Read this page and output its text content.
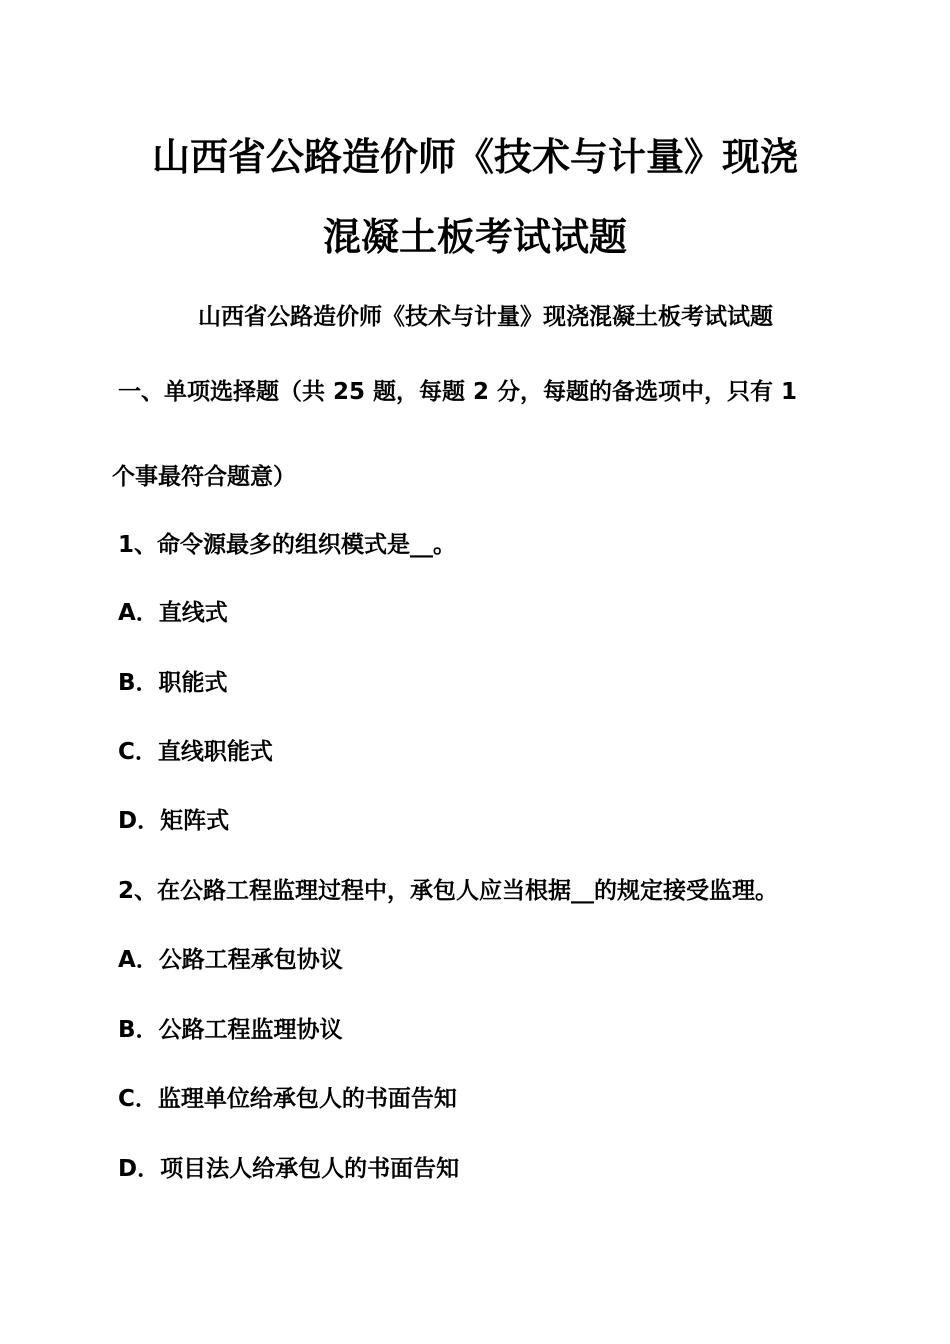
山西省公路造价师《技术与计量》现浇
混凝土板考试试题
山西省公路造价师《技术与计量》现浇混凝土板考试试题
一、单项选择题（共 25 题，每题 2 分，每题的备选项中，只有 1
个事最符合题意）
1、命令源最多的组织模式是__。
A．直线式
B．职能式
C．直线职能式
D．矩阵式
2、在公路工程监理过程中，承包人应当根据__的规定接受监理。
A．公路工程承包协议
B．公路工程监理协议
C．监理单位给承包人的书面告知
D．项目法人给承包人的书面告知
